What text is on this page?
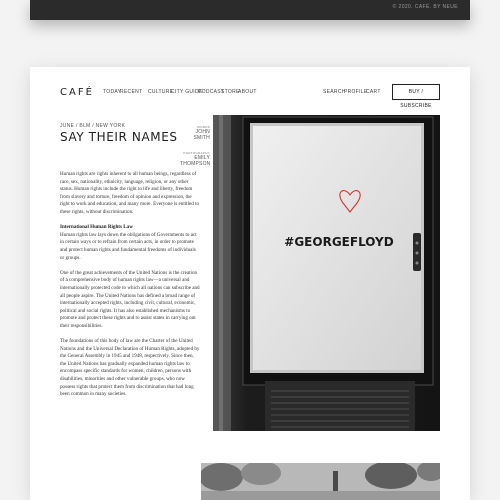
© 2020. CAFÉ. BY NEUE
CAFÉ TODAY
RECENT CULTURE
CITY GUIDE
PODCAST
STORE
ABOUT	SEARCH
PROFILE
CART	BUY / SUBSCRIBE
JUNE / BLM / NEW YORK
SAY THEIR NAMES
WORDS
JOHN
SMITH
PHOTOGRAPHY
EMILY
THOMPSON

Human rights are rights inherent to all human beings, regardless of race, sex, nationality, ethnicity, language, religion, or any other status. Human rights include the right to life and liberty, freedom from slavery and torture, freedom of opinion and expression, the right to work and education, and many more. Everyone is entitled to these rights, without discrimination.

International Human Rights Law

Human rights law lays down the obligations of Governments to act in certain ways or to refrain from certain acts, in order to promote and protect human rights and fundamental freedoms of individuals or groups.

One of the great achievements of the United Nations is the creation of a comprehensive body of human rights law—a universal and internationally protected code to which all nations can subscribe and all people aspire. The United Nations has defined a broad range of internationally accepted rights, including civil, cultural, economic, political and social rights. It has also established mechanisms to promote and protect these rights and to assist states in carrying out their responsibilities.

The foundations of this body of law are the Charter of the United Nations and the Universal Declaration of Human Rights, adopted by the General Assembly in 1945 and 1948, respectively. Since then, the United Nations has gradually expanded human rights law to encompass specific standards for women, children, persons with disabilities, minorities and other vulnerable groups, who now possess rights that protect them from discrimination that had long been common in many societies.

#GEORGEFLOYD
